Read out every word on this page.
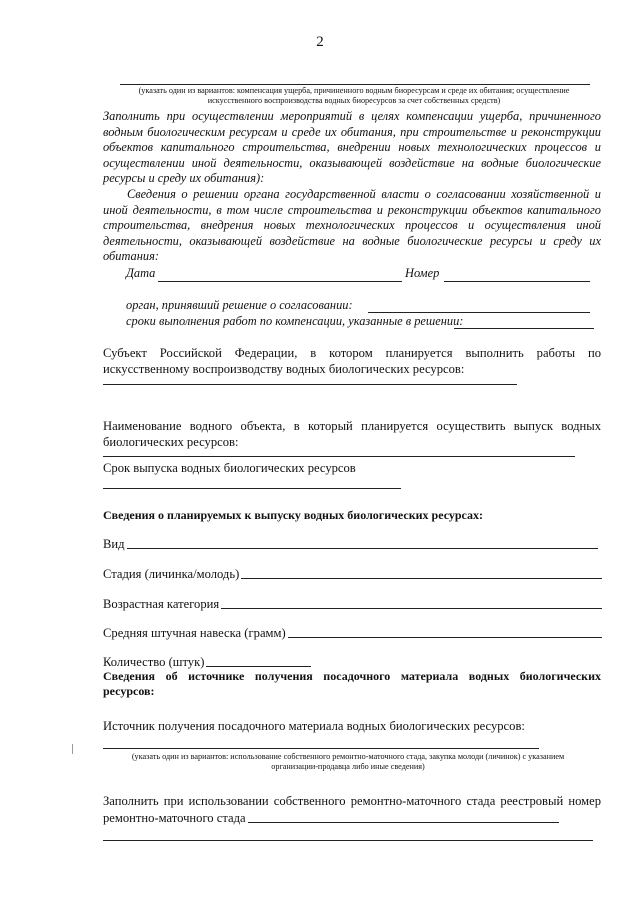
2
(указать один из вариантов: компенсация ущерба, причиненного водным биоресурсам и среде их обитания; осуществление
искусственного воспроизводства водных биоресурсов за счет собственных средств)
Заполнить при осуществлении мероприятий в целях компенсации ущерба, причиненного водным биологическим ресурсам и среде их обитания, при строительстве и реконструкции объектов капитального строительства, внедрении новых технологических процессов и осуществлении иной деятельности, оказывающей воздействие на водные биологические ресурсы и среду их обитания):
Сведения о решении органа государственной власти о согласовании хозяйственной и иной деятельности, в том числе строительства и реконструкции объектов капитального строительства, внедрения новых технологических процессов и осуществления иной деятельности, оказывающей воздействие на водные биологические ресурсы и среду их обитания:
Дата	Номер
орган, принявший решение о согласовании:
сроки выполнения работ по компенсации, указанные в решении:
Субъект Российской Федерации, в котором планируется выполнить работы по искусственному воспроизводству водных биологических ресурсов:
Наименование водного объекта, в который планируется осуществить выпуск водных биологических ресурсов:
Срок выпуска водных биологических ресурсов
Сведения о планируемых к выпуску водных биологических ресурсах:
Вид
Стадия (личинка/молодь)
Возрастная категория
Средняя штучная навеска (грамм)
Количество (штук)
Сведения об источнике получения посадочного материала водных биологических ресурсов:
Источник получения посадочного материала водных биологических ресурсов:
(указать один из вариантов: использование собственного ремонтно-маточного стада, закупка молоди (личинок) с указанием
организации-продавца либо иные сведения)
Заполнить при использовании собственного ремонтно-маточного стада реестровый номер
ремонтно-маточного стада
